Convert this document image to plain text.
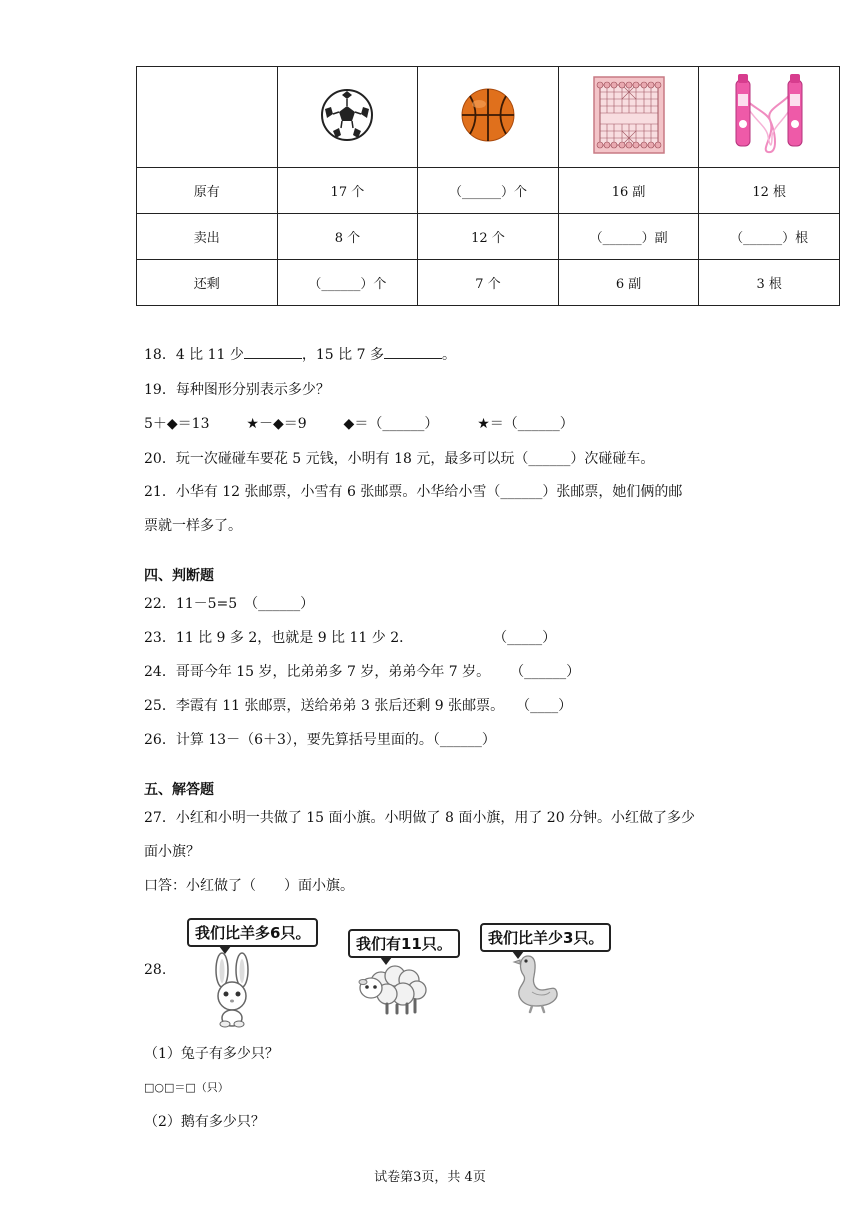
原有	17 个	（______）个	16 副	12 根
卖出	8 个	12 个	（______）副	（______）根
还剩	（______）个	7 个	6 副	3 根
18．4 比 11 少	，15 比 7 多	。
19．每种图形分别表示多少？
5＋◆＝13	★－◆＝9	◆＝（______）	★＝（______）
20．玩一次碰碰车要花 5 元钱，小明有 18 元，最多可以玩（______）次碰碰车。
21．小华有 12 张邮票，小雪有 6 张邮票。小华给小雪（______）张邮票，她们俩的邮
票就一样多了。
四、判断题
22．11－5=5　（______）
23．11 比 9 多 2，也就是 9 比 11 少 2．	（_____）
24．哥哥今年 15 岁，比弟弟多 7 岁，弟弟今年 7 岁。 （______）
25．李霞有 11 张邮票，送给弟弟 3 张后还剩 9 张邮票。 （____）
26．计算 13－（6＋3），要先算括号里面的。（______）
五、解答题
27．小红和小明一共做了 15 面小旗。小明做了 8 面小旗，用了 20 分钟。小红做了多少
面小旗？
口答：小红做了（　　）面小旗。
28.
我们比羊多6只。
我们有11只。	我们比羊少3只。
（1）兔子有多少只？
□○□＝□（只）
（2）鹅有多少只？
试卷第3页，共 4页
